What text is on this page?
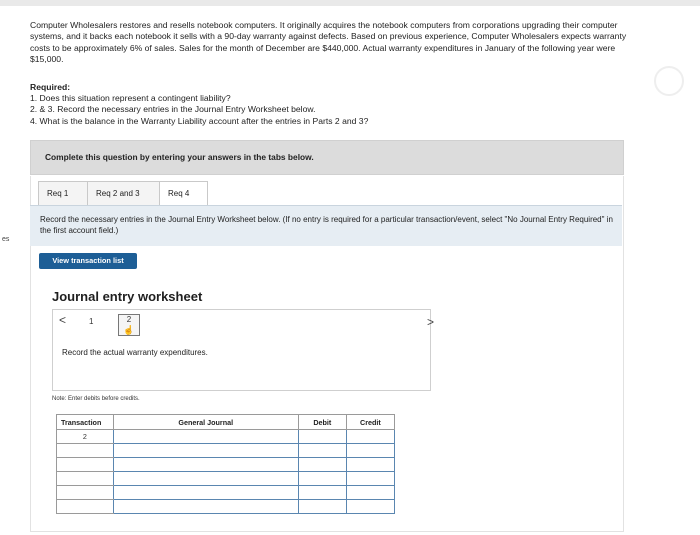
es

Computer Wholesalers restores and resells notebook computers. It originally acquires the notebook computers from corporations upgrading their computer systems, and it backs each notebook it sells with a 90-day warranty against defects. Based on previous experience, Computer Wholesalers expects warranty costs to be approximately 6% of sales. Sales for the month of December are $440,000. Actual warranty expenditures in January of the following year were $15,000.

Required:

1. Does this situation represent a contingent liability?

2. & 3. Record the necessary entries in the Journal Entry Worksheet below.

4. What is the balance in the Warranty Liability account after the entries in Parts 2 and 3?

Complete this question by entering your answers in the tabs below.
Req 1	Req 2 and 3	Req 4
Record the necessary entries in the Journal Entry Worksheet below. (If no entry is required for a particular transaction/event, select "No Journal Entry Required" in the first account field.)
View transaction list
Journal entry worksheet
<	1	2
☝
>
Record the actual warranty expenditures.
Note: Enter debits before credits.
Transaction	General Journal	Debit	Credit
2			
